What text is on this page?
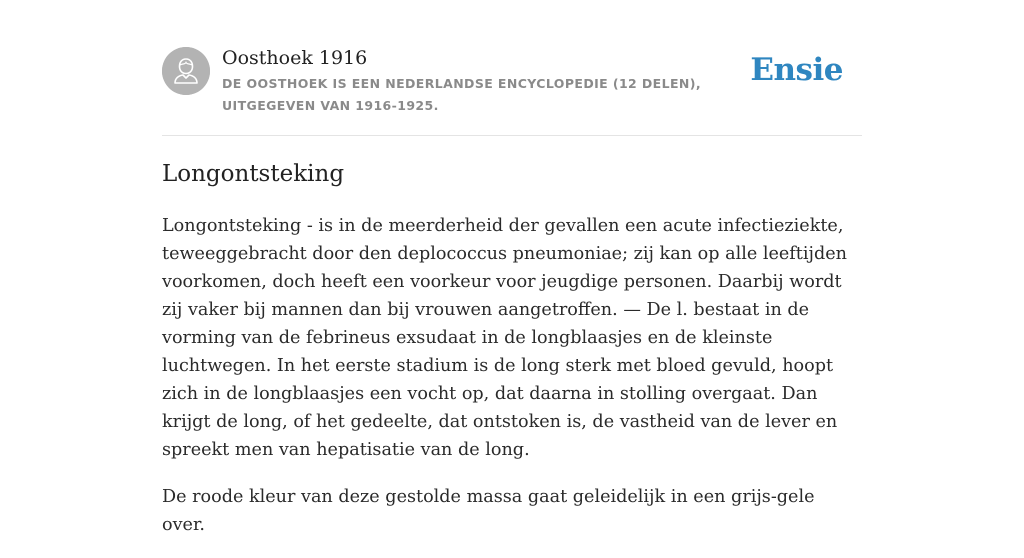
Oosthoek 1916

DE OOSTHOEK IS EEN NEDERLANDSE ENCYCLOPEDIE (12 DELEN), UITGEGEVEN VAN 1916-1925.

Ensie
Longontsteking

Longontsteking - is in de meerderheid der gevallen een acute infectieziekte, teweeggebracht door den deplococcus pneumoniae; zij kan op alle leeftijden voorkomen, doch heeft een voorkeur voor jeugdige personen. Daarbij wordt zij vaker bij mannen dan bij vrouwen aangetroffen. — De l. bestaat in de vorming van de febrineus exsudaat in de longblaasjes en de kleinste luchtwegen. In het eerste stadium is de long sterk met bloed gevuld, hoopt zich in de longblaasjes een vocht op, dat daarna in stolling overgaat. Dan krijgt de long, of het gedeelte, dat ontstoken is, de vastheid van de lever en spreekt men van hepatisatie van de long.

De roode kleur van deze gestolde massa gaat geleidelijk in een grijs-gele over.
